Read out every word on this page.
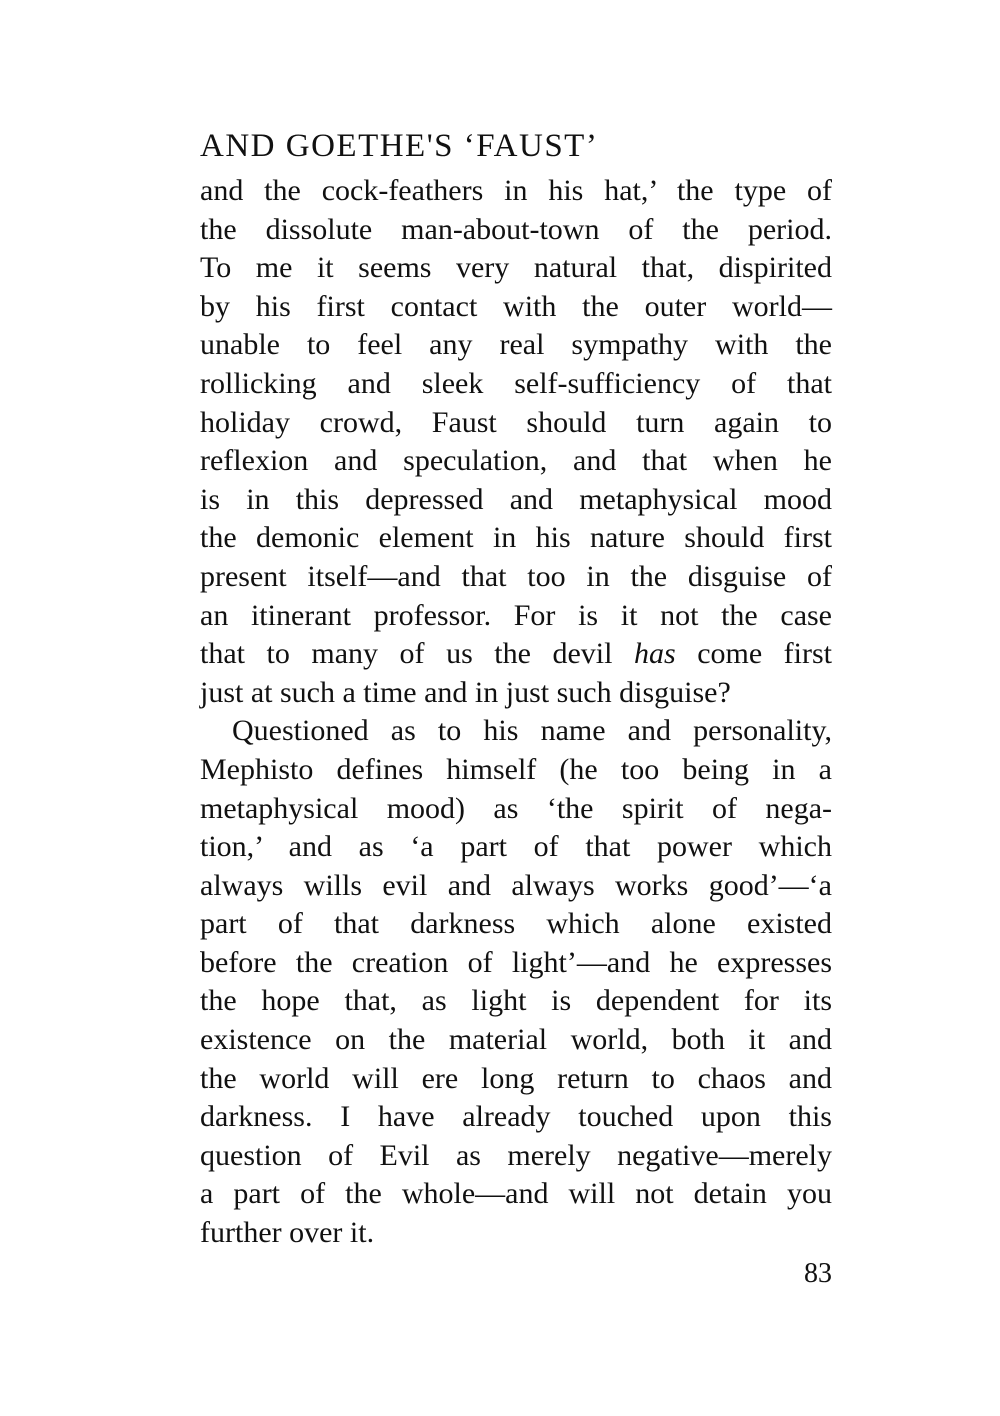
AND GOETHE'S ‘FAUST’
and the cock-feathers in his hat,’ the type of
the dissolute man-about-town of the period.
To me it seems very natural that, dispirited
by his first contact with the outer world—
unable to feel any real sympathy with the
rollicking and sleek self-sufficiency of that
holiday crowd, Faust should turn again to
reflexion and speculation, and that when he
is in this depressed and metaphysical mood
the demonic element in his nature should first
present itself—and that too in the disguise of
an itinerant professor. For is it not the case
that to many of us the devil has come first
just at such a time and in just such disguise?
Questioned as to his name and personality,
Mephisto defines himself (he too being in a
metaphysical mood) as ‘the spirit of nega-
tion,’ and as ‘a part of that power which
always wills evil and always works good’—‘a
part of that darkness which alone existed
before the creation of light’—and he expresses
the hope that, as light is dependent for its
existence on the material world, both it and
the world will ere long return to chaos and
darkness. I have already touched upon this
question of Evil as merely negative—merely
a part of the whole—and will not detain you
further over it.
83
